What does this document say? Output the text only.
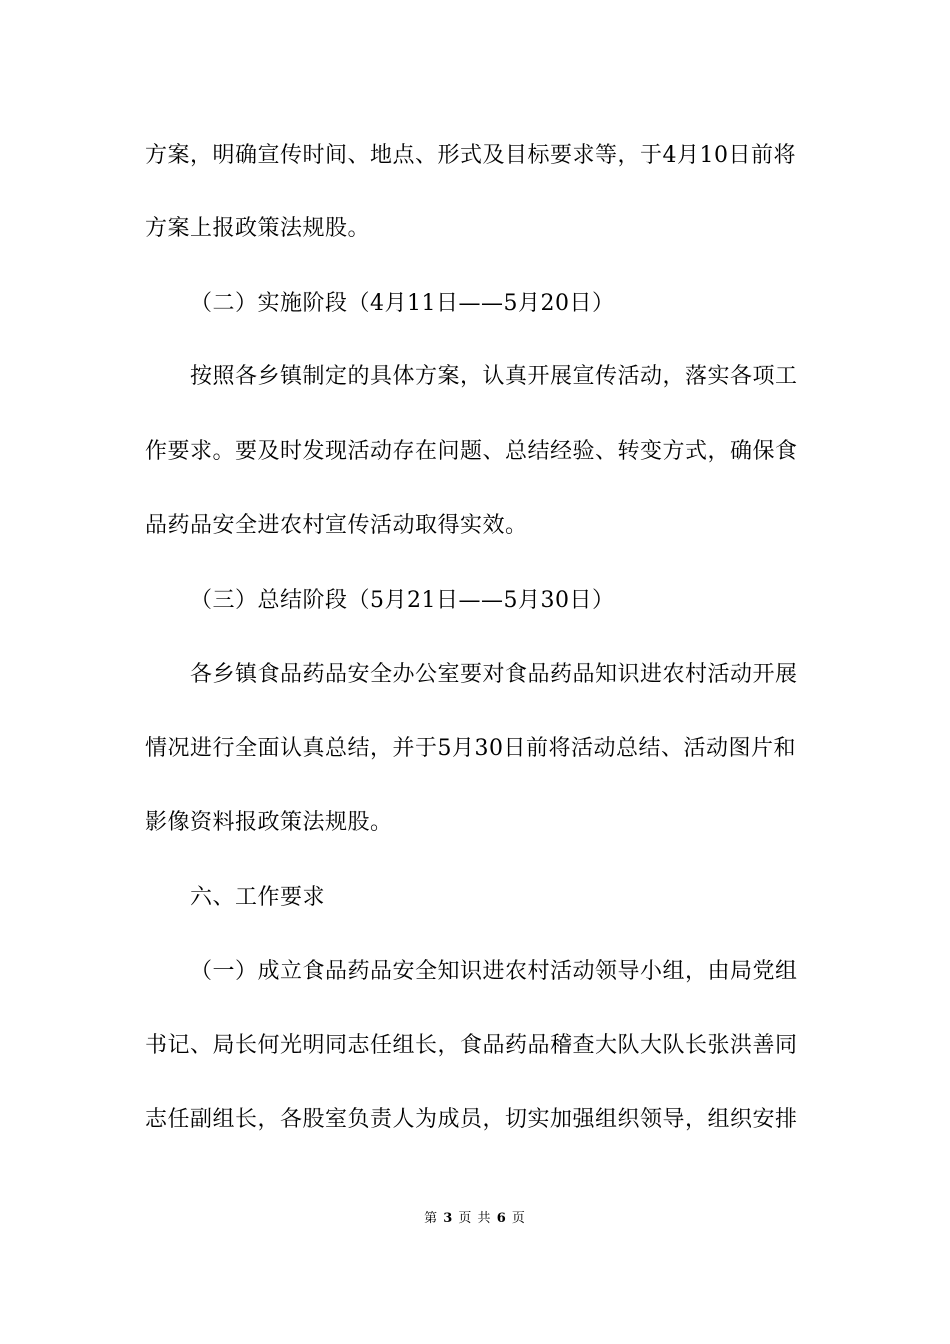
方案，明确宣传时间、地点、形式及目标要求等，于4月10日前将
方案上报政策法规股。
（二）实施阶段（4月11日——5月20日）
按照各乡镇制定的具体方案，认真开展宣传活动，落实各项工
作要求。要及时发现活动存在问题、总结经验、转变方式，确保食
品药品安全进农村宣传活动取得实效。
（三）总结阶段（5月21日——5月30日）
各乡镇食品药品安全办公室要对食品药品知识进农村活动开展
情况进行全面认真总结，并于5月30日前将活动总结、活动图片和
影像资料报政策法规股。
六、工作要求
（一）成立食品药品安全知识进农村活动领导小组，由局党组
书记、局长何光明同志任组长，食品药品稽查大队大队长张洪善同
志任副组长，各股室负责人为成员，切实加强组织领导，组织安排
第 3 页 共 6 页
